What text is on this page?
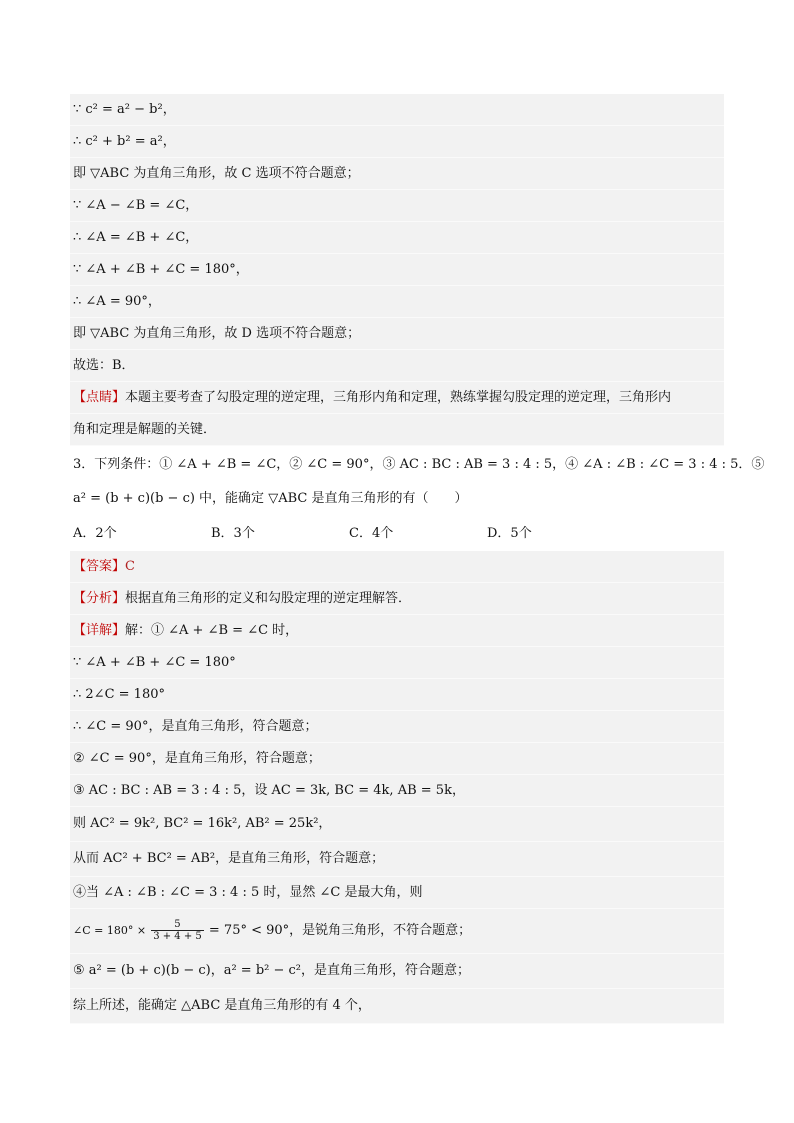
∵ c² = a² − b²，
∴ c² + b² = a²，
即 ▽ABC 为直角三角形，故 C 选项不符合题意；
∵ ∠A − ∠B = ∠C，
∴ ∠A = ∠B + ∠C，
∵ ∠A + ∠B + ∠C = 180°，
∴ ∠A = 90°，
即 ▽ABC 为直角三角形，故 D 选项不符合题意；
故选：B．
【点睛】本题主要考查了勾股定理的逆定理，三角形内角和定理，熟练掌握勾股定理的逆定理，三角形内
角和定理是解题的关键．
3．下列条件：① ∠A + ∠B = ∠C，② ∠C = 90°，③ AC : BC : AB = 3 : 4 : 5，④ ∠A : ∠B : ∠C = 3 : 4 : 5．⑤
a² = (b + c)(b − c) 中，能确定 ▽ABC 是直角三角形的有（　　）
A．2个	B．3个	C．4个	D．5个
【答案】C
【分析】根据直角三角形的定义和勾股定理的逆定理解答．
【详解】解：① ∠A + ∠B = ∠C 时，
∵ ∠A + ∠B + ∠C = 180°
∴ 2∠C = 180°
∴ ∠C = 90°，是直角三角形，符合题意；
② ∠C = 90°，是直角三角形，符合题意；
③ AC : BC : AB = 3 : 4 : 5，设 AC = 3k, BC = 4k, AB = 5k，
则 AC² = 9k², BC² = 16k², AB² = 25k²，
从而 AC² + BC² = AB²，是直角三角形，符合题意；
④当 ∠A : ∠B : ∠C = 3 : 4 : 5 时，显然 ∠C 是最大角，则
∠C = $180^\circ \times \frac{5}{3 + 4 + 5} = 75^\circ < 90^\circ$，是锐角三角形，不符合题意；
⑤ a² = (b + c)(b − c)，a² = b² − c²，是直角三角形，符合题意；
综上所述，能确定 △ABC 是直角三角形的有 4 个，
